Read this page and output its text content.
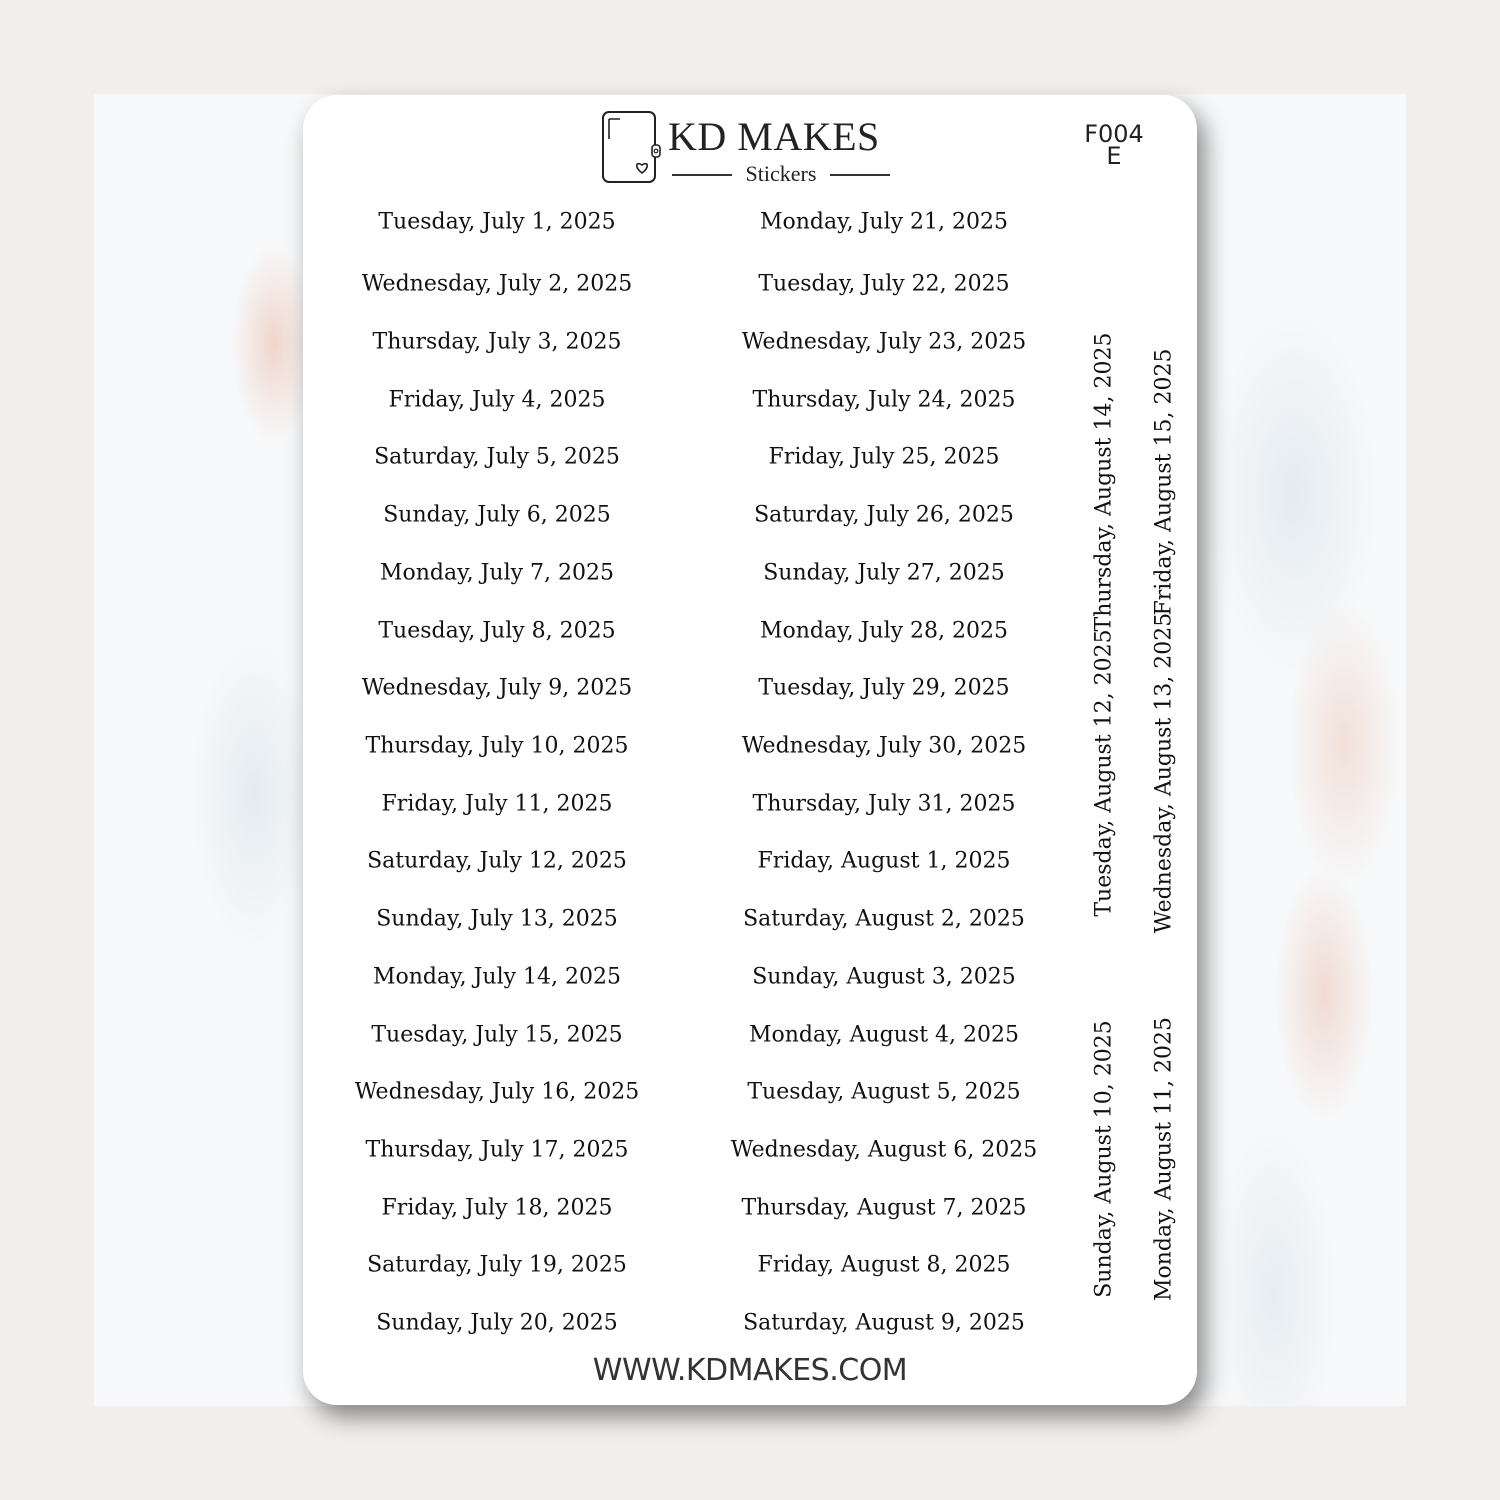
KD MAKES
Stickers
F004
E
Tuesday, July 1, 2025
Wednesday, July 2, 2025
Thursday, July 3, 2025
Friday, July 4, 2025
Saturday, July 5, 2025
Sunday, July 6, 2025
Monday, July 7, 2025
Tuesday, July 8, 2025
Wednesday, July 9, 2025
Thursday, July 10, 2025
Friday, July 11, 2025
Saturday, July 12, 2025
Sunday, July 13, 2025
Monday, July 14, 2025
Tuesday, July 15, 2025
Wednesday, July 16, 2025
Thursday, July 17, 2025
Friday, July 18, 2025
Saturday, July 19, 2025
Sunday, July 20, 2025
Monday, July 21, 2025
Tuesday, July 22, 2025
Wednesday, July 23, 2025
Thursday, July 24, 2025
Friday, July 25, 2025
Saturday, July 26, 2025
Sunday, July 27, 2025
Monday, July 28, 2025
Tuesday, July 29, 2025
Wednesday, July 30, 2025
Thursday, July 31, 2025
Friday, August 1, 2025
Saturday, August 2, 2025
Sunday, August 3, 2025
Monday, August 4, 2025
Tuesday, August 5, 2025
Wednesday, August 6, 2025
Thursday, August 7, 2025
Friday, August 8, 2025
Saturday, August 9, 2025
Thursday, August 14, 2025 Friday, August 15, 2025
Tuesday, August 12, 2025 Wednesday, August 13, 2025
Sunday, August 10, 2025 Monday, August 11, 2025
WWW.KDMAKES.COM
